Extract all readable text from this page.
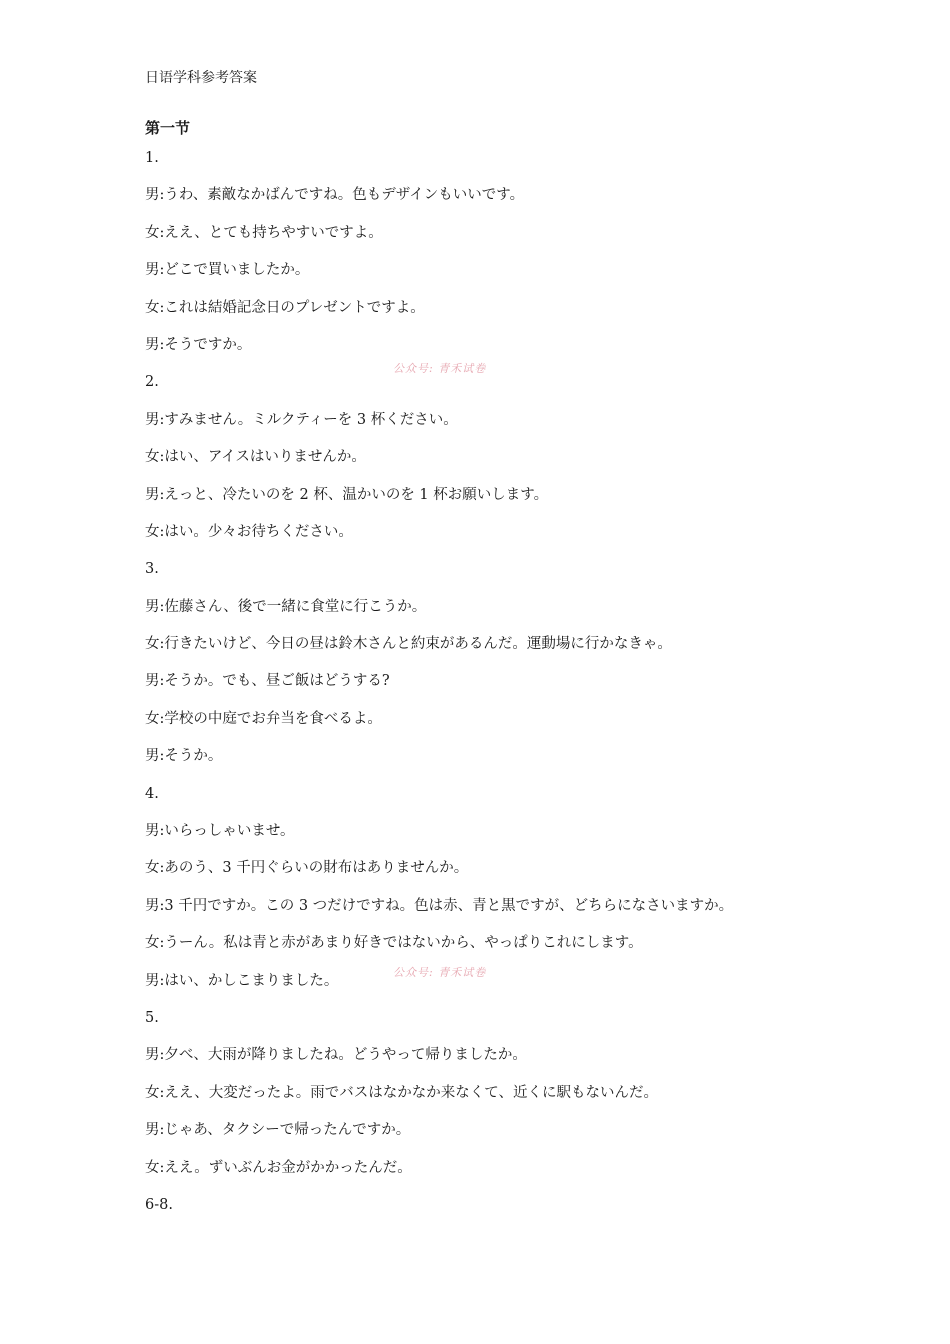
日语学科参考答案
第一节
1.
男:うわ、素敵なかばんですね。色もデザインもいいです。
女:ええ、とても持ちやすいですよ。
男:どこで買いましたか。
女:これは結婚記念日のプレゼントですよ。
男:そうですか。
2.
男:すみません。ミルクティーを 3 杯ください。
女:はい、アイスはいりませんか。
男:えっと、冷たいのを 2 杯、温かいのを 1 杯お願いします。
女:はい。少々お待ちください。
3.
男:佐藤さん、後で一緒に食堂に行こうか。
女:行きたいけど、今日の昼は鈴木さんと約束があるんだ。運動場に行かなきゃ。
男:そうか。でも、昼ご飯はどうする?
女:学校の中庭でお弁当を食べるよ。
男:そうか。
4.
男:いらっしゃいませ。
女:あのう、3 千円ぐらいの財布はありませんか。
男:3 千円ですか。この 3 つだけですね。色は赤、青と黒ですが、どちらになさいますか。
女:うーん。私は青と赤があまり好きではないから、やっぱりこれにします。
男:はい、かしこまりました。
5.
男:夕べ、大雨が降りましたね。どうやって帰りましたか。
女:ええ、大変だったよ。雨でバスはなかなか来なくて、近くに駅もないんだ。
男:じゃあ、タクシーで帰ったんですか。
女:ええ。ずいぶんお金がかかったんだ。
6-8.
公众号: 青禾试卷
公众号: 青禾试卷
